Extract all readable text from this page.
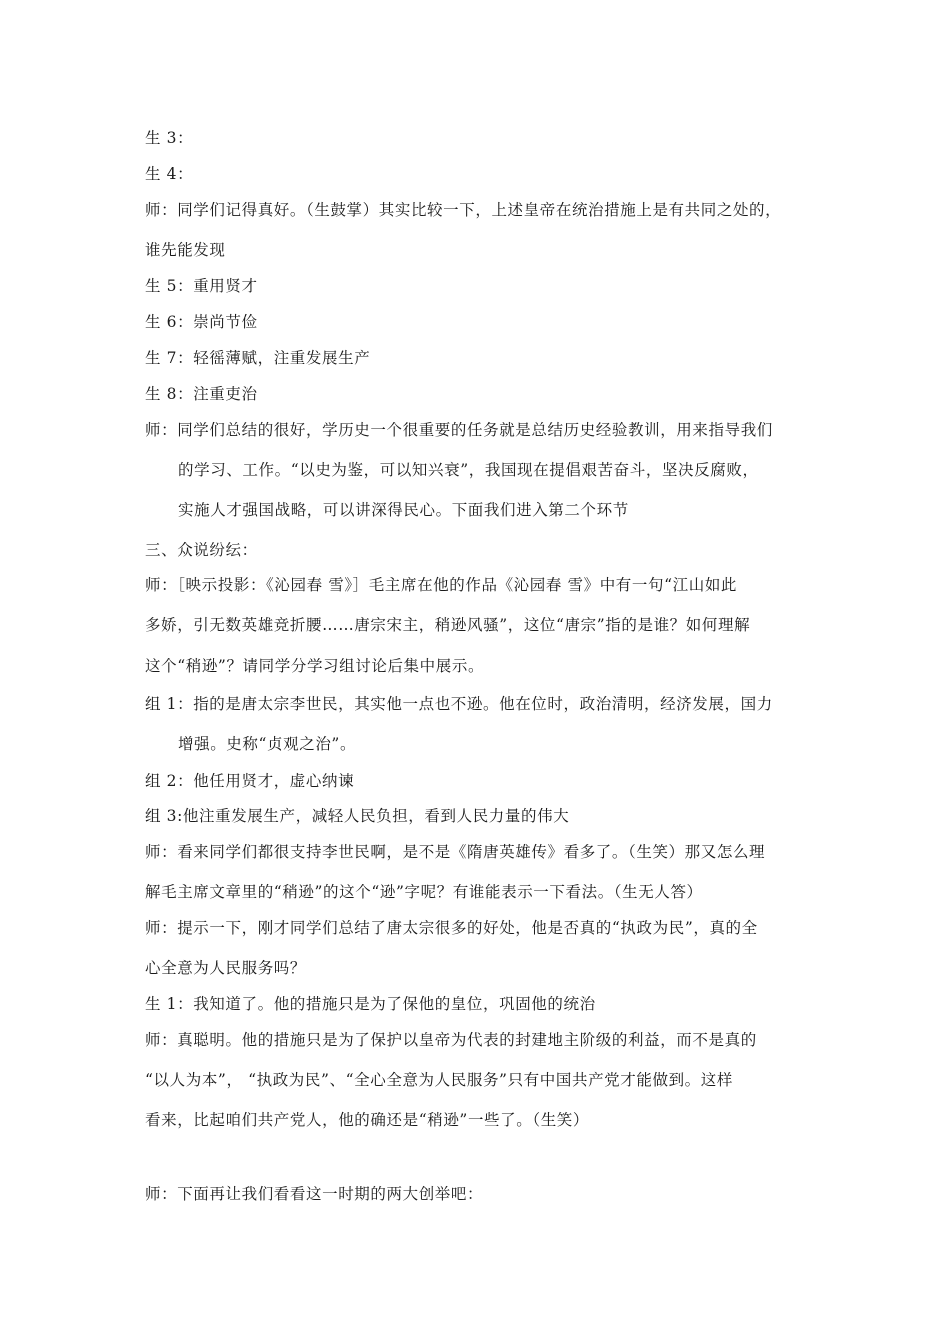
生 3：
生 4：
师：同学们记得真好。（生鼓掌）其实比较一下，上述皇帝在统治措施上是有共同之处的，
谁先能发现
生 5：重用贤才
生 6：崇尚节俭
生 7：轻徭薄赋，注重发展生产
生 8：注重吏治
师：同学们总结的很好，学历史一个很重要的任务就是总结历史经验教训，用来指导我们
的学习、工作。“以史为鉴，可以知兴衰”，我国现在提倡艰苦奋斗，坚决反腐败，
实施人才强国战略，可以讲深得民心。下面我们进入第二个环节
三、众说纷纭：
师：［映示投影：《沁园春 雪》］毛主席在他的作品《沁园春 雪》中有一句“江山如此
多娇，引无数英雄竞折腰……唐宗宋主，稍逊风骚”，这位“唐宗”指的是谁？如何理解
这个“稍逊”？请同学分学习组讨论后集中展示。
组 1：指的是唐太宗李世民，其实他一点也不逊。他在位时，政治清明，经济发展，国力
增强。史称“贞观之治”。
组 2：他任用贤才，虚心纳谏
组 3:他注重发展生产，减轻人民负担，看到人民力量的伟大
师：看来同学们都很支持李世民啊，是不是《隋唐英雄传》看多了。（生笑）那又怎么理
解毛主席文章里的“稍逊”的这个“逊”字呢？有谁能表示一下看法。（生无人答）
师：提示一下，刚才同学们总结了唐太宗很多的好处，他是否真的“执政为民”，真的全
心全意为人民服务吗？
生 1：我知道了。他的措施只是为了保他的皇位，巩固他的统治
师：真聪明。他的措施只是为了保护以皇帝为代表的封建地主阶级的利益，而不是真的
“以人为本”， “执政为民”、“全心全意为人民服务”只有中国共产党才能做到。这样
看来，比起咱们共产党人，他的确还是“稍逊”一些了。（生笑）
师：下面再让我们看看这一时期的两大创举吧：
